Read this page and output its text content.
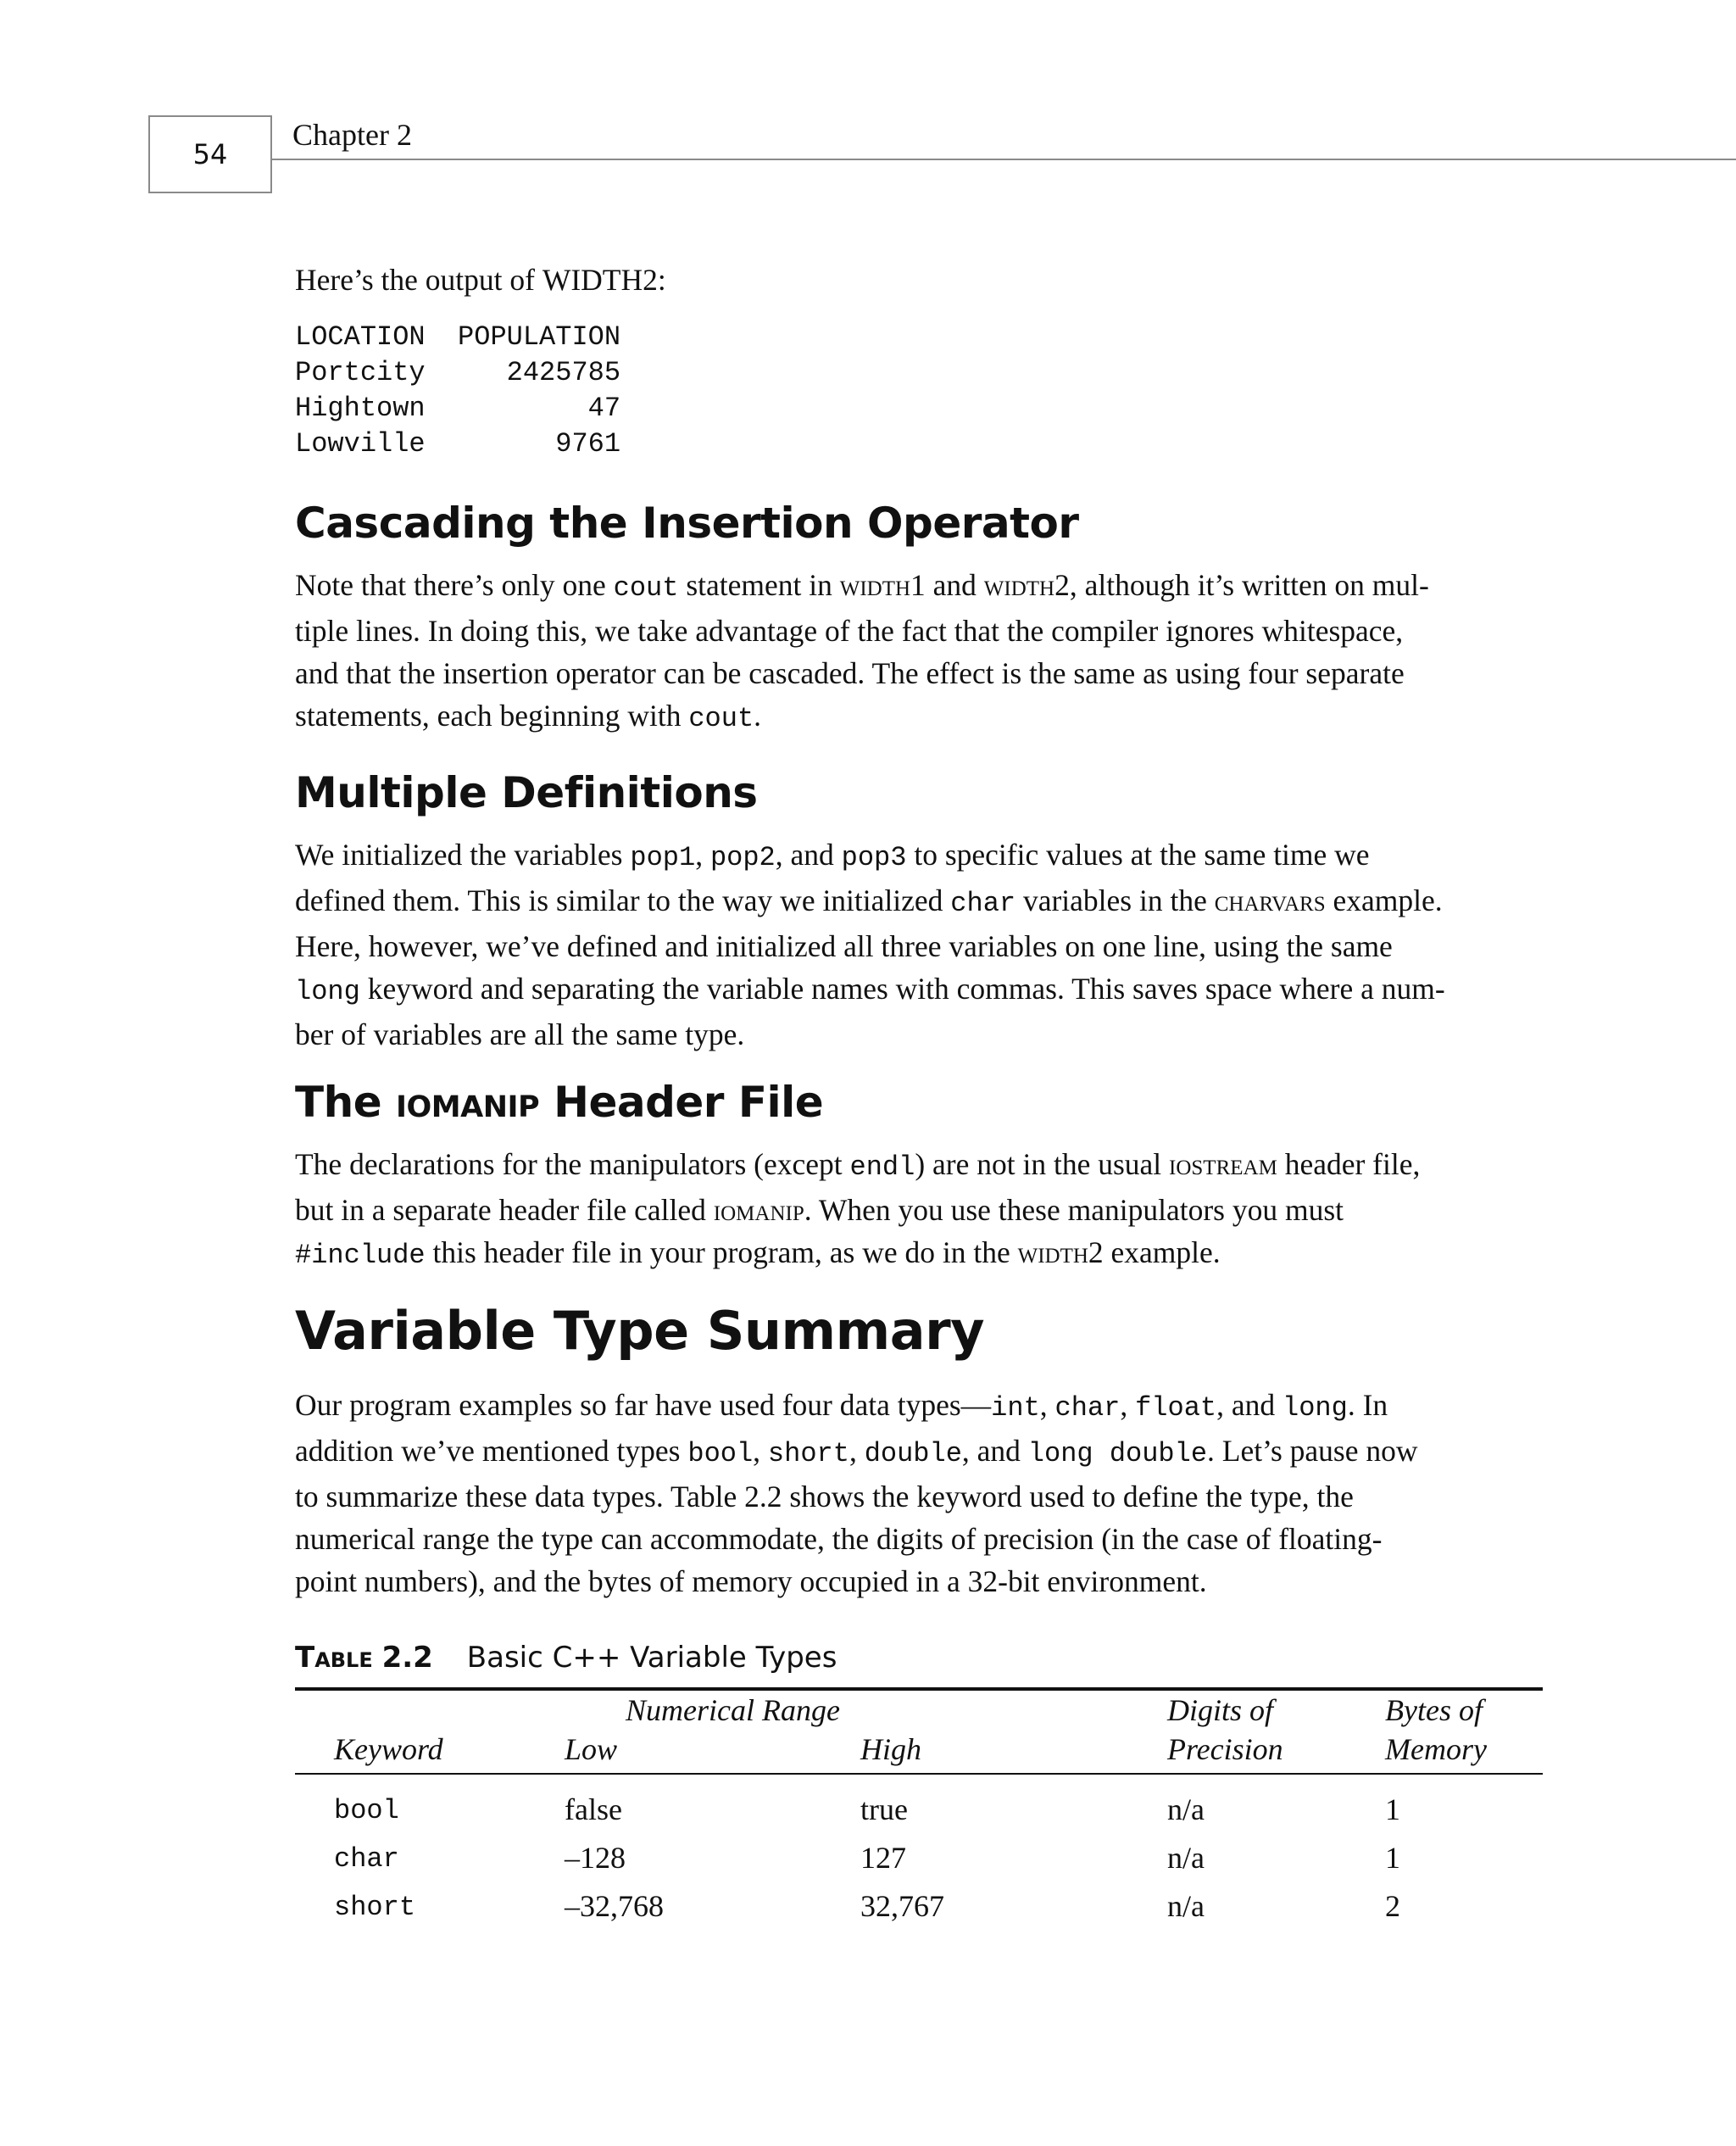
54
Chapter 2

Here’s the output of WIDTH2:

LOCATION  POPULATION
Portcity     2425785
Hightown          47
Lowville        9761
Cascading the Insertion Operator
Note that there’s only one cout statement in width1 and width2, although it’s written on mul-
tiple lines. In doing this, we take advantage of the fact that the compiler ignores whitespace,
and that the insertion operator can be cascaded. The effect is the same as using four separate
statements, each beginning with cout.
Multiple Definitions
We initialized the variables pop1, pop2, and pop3 to specific values at the same time we
defined them. This is similar to the way we initialized char variables in the charvars example.
Here, however, we’ve defined and initialized all three variables on one line, using the same
long keyword and separating the variable names with commas. This saves space where a num-
ber of variables are all the same type.
The iomanip Header File
The declarations for the manipulators (except endl) are not in the usual iostream header file,
but in a separate header file called iomanip. When you use these manipulators you must
#include this header file in your program, as we do in the width2 example.
Variable Type Summary
Our program examples so far have used four data types—int, char, float, and long. In
addition we’ve mentioned types bool, short, double, and long double. Let’s pause now
to summarize these data types. Table 2.2 shows the keyword used to define the type, the
numerical range the type can accommodate, the digits of precision (in the case of floating-
point numbers), and the bytes of memory occupied in a 32-bit environment.
Table 2.2 Basic C++ Variable Types
Numerical Range	Digits of	Bytes of
Keyword	Low	High	Precision	Memory
bool	false	true	n/a	1
char	–128	127	n/a	1
short	–32,768	32,767	n/a	2
